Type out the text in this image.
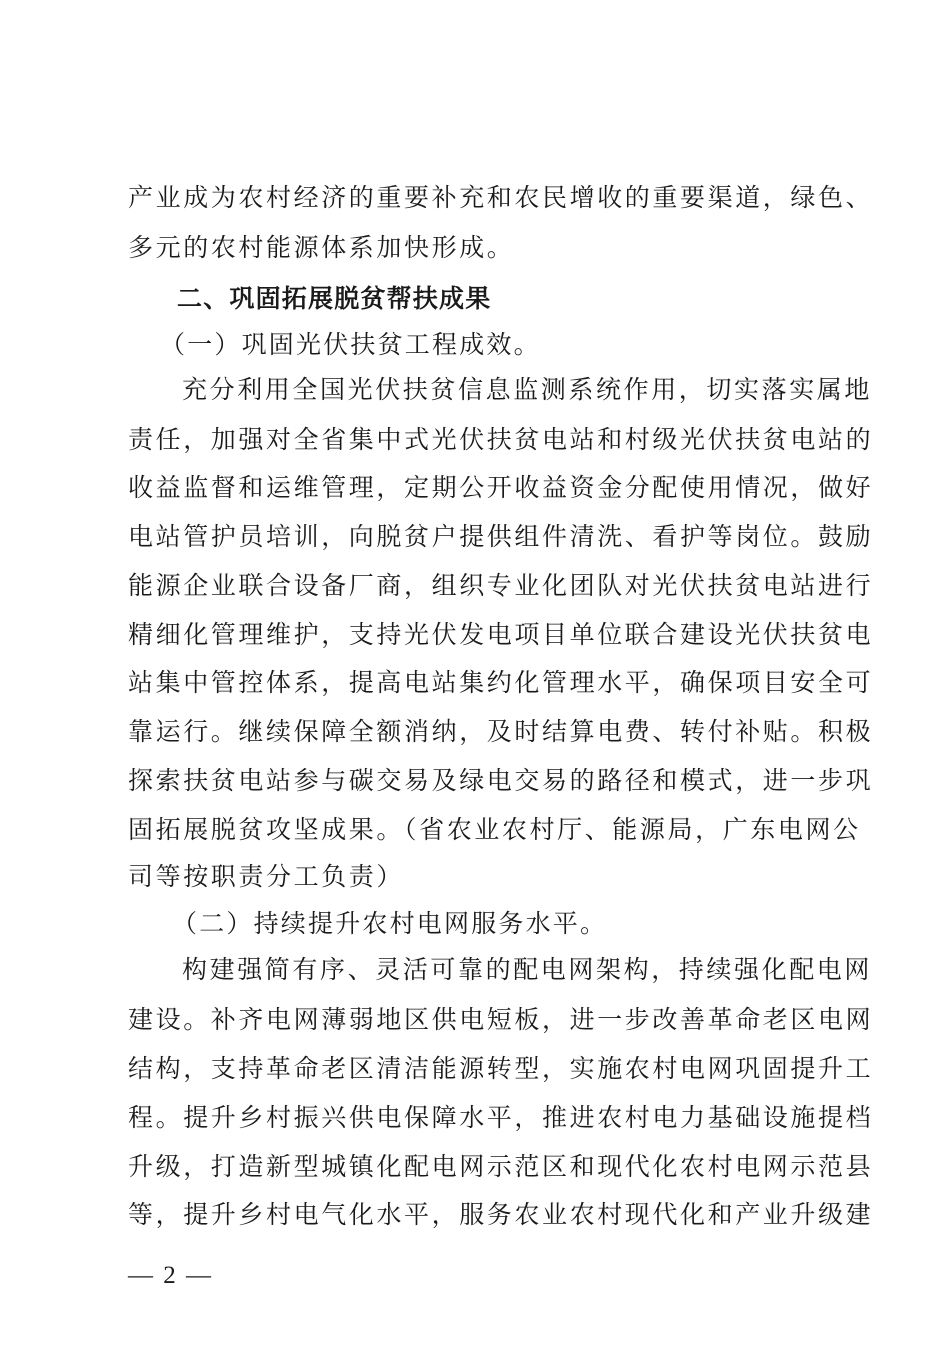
产业成为农村经济的重要补充和农民增收的重要渠道，绿色、
多元的农村能源体系加快形成。
二、巩固拓展脱贫帮扶成果
（一）巩固光伏扶贫工程成效。
充分利用全国光伏扶贫信息监测系统作用，切实落实属地
责任，加强对全省集中式光伏扶贫电站和村级光伏扶贫电站的
收益监督和运维管理，定期公开收益资金分配使用情况，做好
电站管护员培训，向脱贫户提供组件清洗、看护等岗位。鼓励
能源企业联合设备厂商，组织专业化团队对光伏扶贫电站进行
精细化管理维护，支持光伏发电项目单位联合建设光伏扶贫电
站集中管控体系，提高电站集约化管理水平，确保项目安全可
靠运行。继续保障全额消纳，及时结算电费、转付补贴。积极
探索扶贫电站参与碳交易及绿电交易的路径和模式，进一步巩
固拓展脱贫攻坚成果。（省农业农村厅、能源局，广东电网公
司等按职责分工负责）
（二）持续提升农村电网服务水平。
构建强简有序、灵活可靠的配电网架构，持续强化配电网
建设。补齐电网薄弱地区供电短板，进一步改善革命老区电网
结构，支持革命老区清洁能源转型，实施农村电网巩固提升工
程。提升乡村振兴供电保障水平，推进农村电力基础设施提档
升级，打造新型城镇化配电网示范区和现代化农村电网示范县
等，提升乡村电气化水平，服务农业农村现代化和产业升级建
— 2 —
